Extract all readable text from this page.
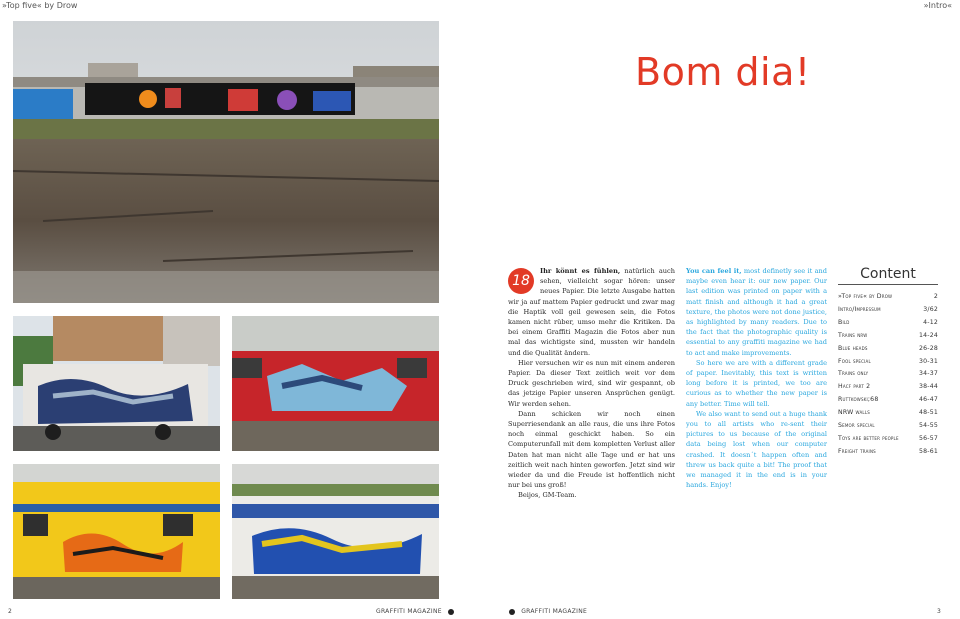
»Top five« by Drow	»Intro«
Bom dia!

18
Ihr könnt es fühlen, natürlich auch sehen, vielleicht sogar hören: unser neues Papier. Die letzte Ausgabe hatten wir ja auf mattem Papier gedruckt und zwar mag die Haptik voll geil gewesen sein, die Fotos kamen nicht rüber, umso mehr die Kritiken. Da bei einem Graffiti Magazin die Fotos aber nun mal das wichtigste sind, mussten wir handeln und die Qualität ändern.

Hier versuchen wir es nun mit einem anderen Papier. Da dieser Text zeitlich weit vor dem Druck geschrieben wird, sind wir gespannt, ob das jetzige Papier unseren Ansprüchen genügt. Wir werden sehen.

Dann schicken wir noch einen Superriesendank an alle raus, die uns ihre Fotos noch einmal geschickt haben. So ein Computerunfall mit dem kompletten Verlust aller Daten hat man nicht alle Tage und er hat uns zeitlich weit nach hinten geworfen. Jetzt sind wir wieder da und die Freude ist hoffentlich nicht nur bei uns groß!

Beijos, GM-Team.

You can feel it, most definetly see it and maybe even hear it: our new paper. Our last edition was printed on paper with a matt finish and although it had a great texture, the photos were not done justice, as highlighted by many readers. Due to the fact that the photographic quality is essential to any graffiti magazine we had to act and make improvements.

So here we are with a different grade of paper. Inevitably, this text is written long before it is printed, we too are curious as to whether the new paper is any better. Time will tell.

We also want to send out a huge thank you to all artists who re-sent their pictures to us because of the original data being lost when our computer crashed. It doesn´t happen often and threw us back quite a bit! The proof that we managed it in the end is in your hands. Enjoy!

Content
»Top five« by Drow	2
Intro/Impressum	3/62
Bild	4-12
Trains nrw	14-24
Blue heads	26-28
Fool special	30-31
Trains only	34-37
Hacf part 2	38-44
Ruttkowski;68	46-47
NRW walls	48-51
Semor special	54-55
Toys are better people	56-57
Freight trains	58-61
2	GRAFFITI MAGAZINE	GRAFFITI MAGAZINE	3
